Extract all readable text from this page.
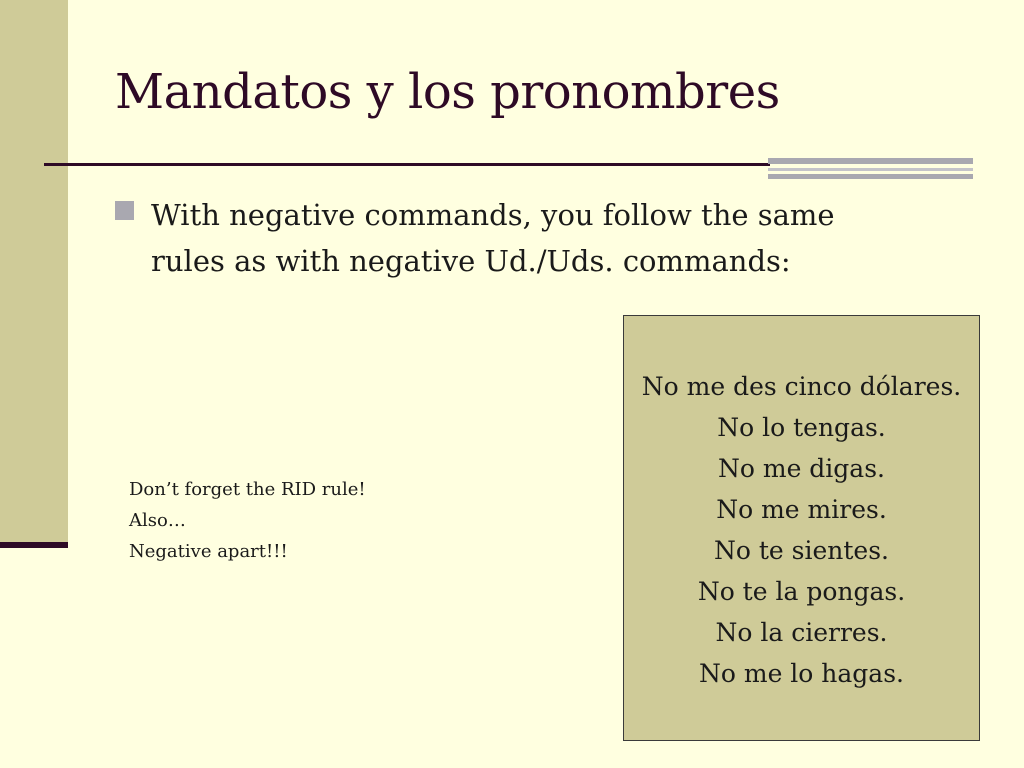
Mandatos y los pronombres
With negative commands, you follow the same
rules as with negative Ud./Uds. commands:
Don’t forget the RID rule!
Also…
Negative apart!!!
No me des cinco dólares.
No lo tengas.
No me digas.
No me mires.
No te sientes.
No te la pongas.
No la cierres.
No me lo hagas.
